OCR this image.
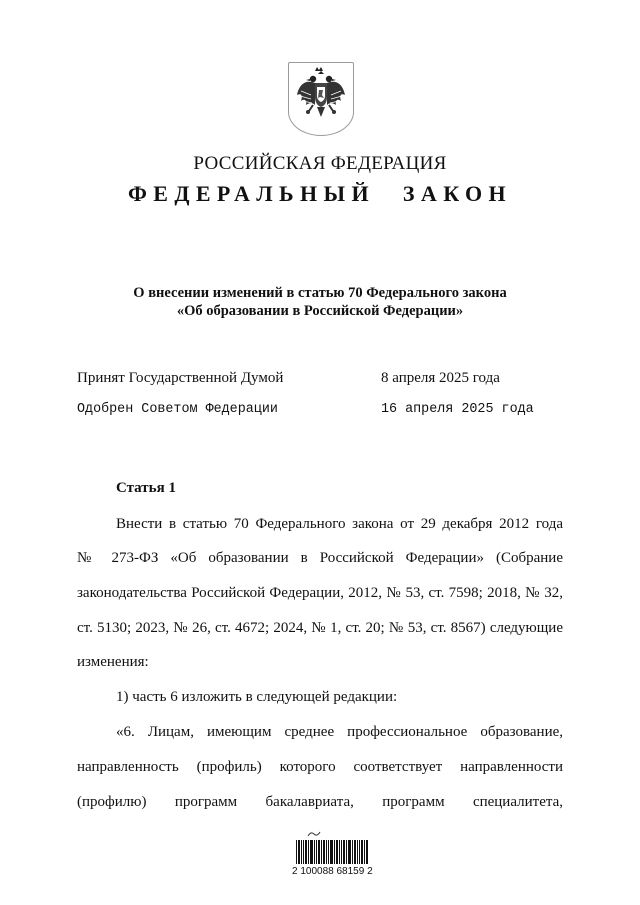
РОССИЙСКАЯ ФЕДЕРАЦИЯ
ФЕДЕРАЛЬНЫЙ ЗАКОН
О внесении изменений в статью 70 Федерального закона
«Об образовании в Российской Федерации»
Принят Государственной Думой	8 апреля 2025 года
Одобрен Советом Федерации	16 апреля 2025 года
Статья 1
Внести в статью 70 Федерального закона от 29 декабря 2012 года
№ 273-ФЗ «Об образовании в Российской Федерации» (Собрание
законодательства Российской Федерации, 2012, № 53, ст. 7598; 2018, № 32,
ст. 5130; 2023, № 26, ст. 4672; 2024, № 1, ст. 20; № 53, ст. 8567) следующие
изменения:
1) часть 6 изложить в следующей редакции:
«6. Лицам, имеющим среднее профессиональное образование,
направленность (профиль) которого соответствует направленности
(профилю) программ бакалавриата, программ специалитета,
2 100088 68159 2
